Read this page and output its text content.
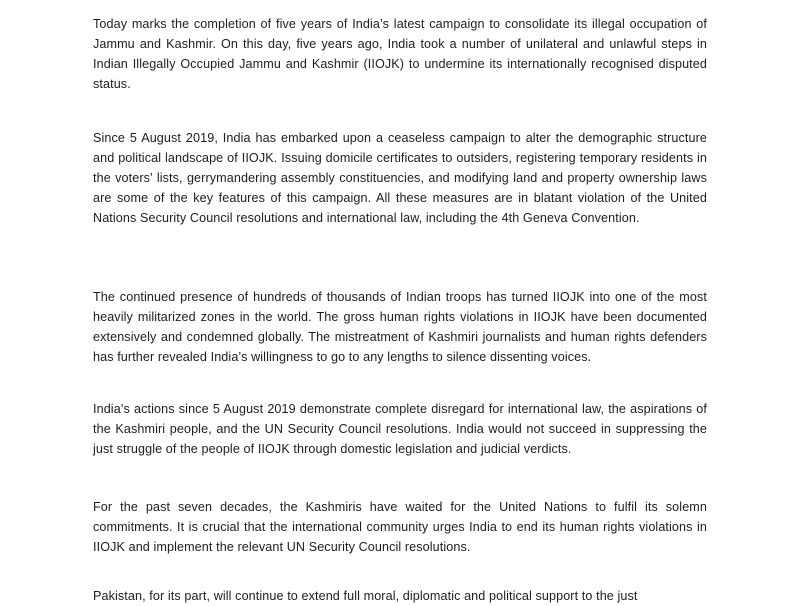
Today marks the completion of five years of India’s latest campaign to consolidate its illegal occupation of Jammu and Kashmir. On this day, five years ago, India took a number of unilateral and unlawful steps in Indian Illegally Occupied Jammu and Kashmir (IIOJK) to undermine its internationally recognised disputed status.

Since 5 August 2019, India has embarked upon a ceaseless campaign to alter the demographic structure and political landscape of IIOJK. Issuing domicile certificates to outsiders, registering temporary residents in the voters’ lists, gerrymandering assembly constituencies, and modifying land and property ownership laws are some of the key features of this campaign. All these measures are in blatant violation of the United Nations Security Council resolutions and international law, including the 4th Geneva Convention.

The continued presence of hundreds of thousands of Indian troops has turned IIOJK into one of the most heavily militarized zones in the world. The gross human rights violations in IIOJK have been documented extensively and condemned globally. The mistreatment of Kashmiri journalists and human rights defenders has further revealed India’s willingness to go to any lengths to silence dissenting voices.

India’s actions since 5 August 2019 demonstrate complete disregard for international law, the aspirations of the Kashmiri people, and the UN Security Council resolutions. India would not succeed in suppressing the just struggle of the people of IIOJK through domestic legislation and judicial verdicts.

For the past seven decades, the Kashmiris have waited for the United Nations to fulfil its solemn commitments. It is crucial that the international community urges India to end its human rights violations in IIOJK and implement the relevant UN Security Council resolutions.

Pakistan, for its part, will continue to extend full moral, diplomatic and political support to the just
